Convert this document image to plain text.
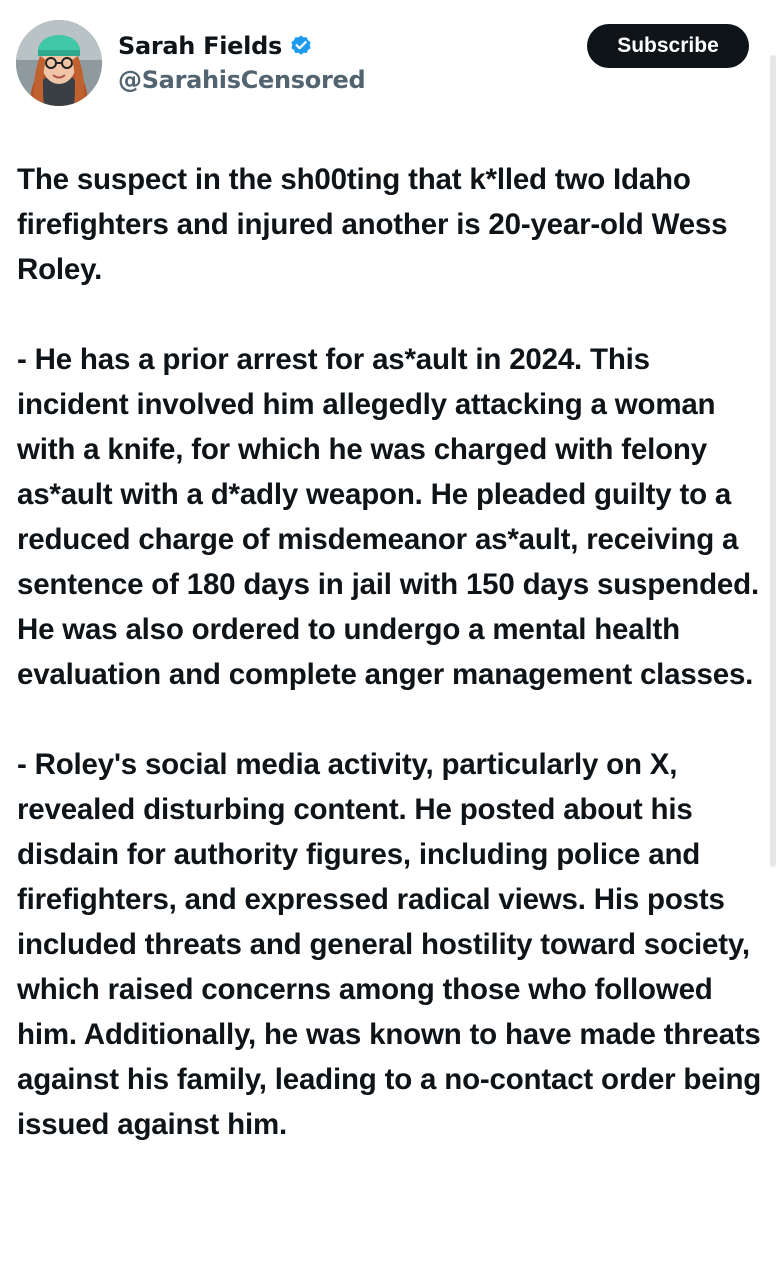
Sarah Fields
@SarahisCensored
Subscribe

The suspect in the sh00ting that k*lled two Idaho firefighters and injured another is 20-year-old Wess Roley.

- He has a prior arrest for as*ault in 2024. This incident involved him allegedly attacking a woman with a knife, for which he was charged with felony as*ault with a d*adly weapon. He pleaded guilty to a reduced charge of misdemeanor as*ault, receiving a sentence of 180 days in jail with 150 days suspended. He was also ordered to undergo a mental health evaluation and complete anger management classes.

- Roley's social media activity, particularly on X, revealed disturbing content. He posted about his disdain for authority figures, including police and firefighters, and expressed radical views. His posts included threats and general hostility toward society, which raised concerns among those who followed him. Additionally, he was known to have made threats against his family, leading to a no-contact order being issued against him.
